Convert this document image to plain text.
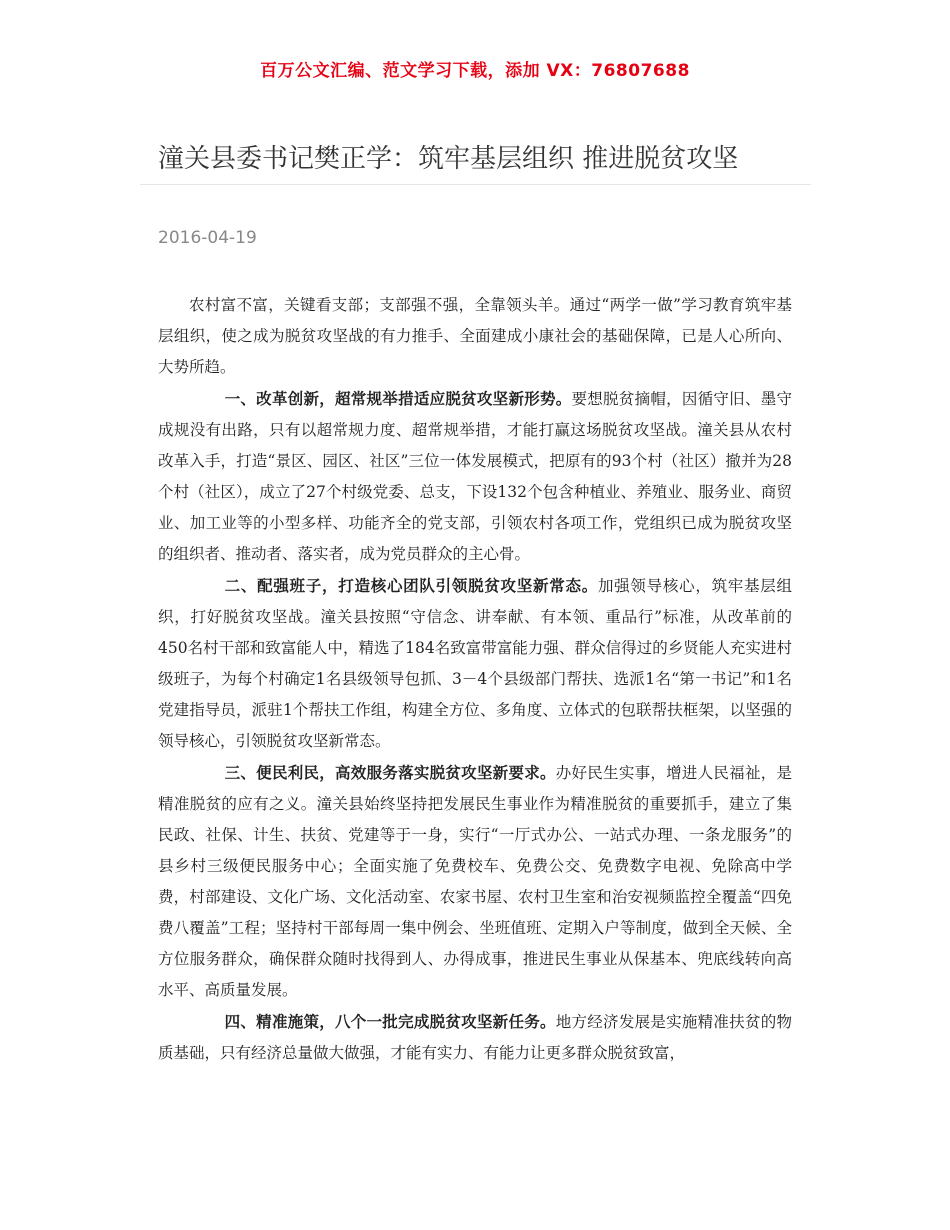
百万公文汇编、范文学习下载，添加 VX：76807688
潼关县委书记樊正学：筑牢基层组织 推进脱贫攻坚
2016-04-19

农村富不富，关键看支部；支部强不强，全靠领头羊。通过“两学一做”学习教育筑牢基层组织，使之成为脱贫攻坚战的有力推手、全面建成小康社会的基础保障，已是人心所向、大势所趋。

一、改革创新，超常规举措适应脱贫攻坚新形势。要想脱贫摘帽，因循守旧、墨守成规没有出路，只有以超常规力度、超常规举措，才能打赢这场脱贫攻坚战。潼关县从农村改革入手，打造“景区、园区、社区”三位一体发展模式，把原有的93个村（社区）撤并为28个村（社区），成立了27个村级党委、总支，下设132个包含种植业、养殖业、服务业、商贸业、加工业等的小型多样、功能齐全的党支部，引领农村各项工作，党组织已成为脱贫攻坚的组织者、推动者、落实者，成为党员群众的主心骨。

二、配强班子，打造核心团队引领脱贫攻坚新常态。加强领导核心，筑牢基层组织，打好脱贫攻坚战。潼关县按照“守信念、讲奉献、有本领、重品行”标准，从改革前的450名村干部和致富能人中，精选了184名致富带富能力强、群众信得过的乡贤能人充实进村级班子，为每个村确定1名县级领导包抓、3－4个县级部门帮扶、选派1名“第一书记”和1名党建指导员，派驻1个帮扶工作组，构建全方位、多角度、立体式的包联帮扶框架，以坚强的领导核心，引领脱贫攻坚新常态。

三、便民利民，高效服务落实脱贫攻坚新要求。办好民生实事，增进人民福祉，是精准脱贫的应有之义。潼关县始终坚持把发展民生事业作为精准脱贫的重要抓手，建立了集民政、社保、计生、扶贫、党建等于一身，实行“一厅式办公、一站式办理、一条龙服务”的县乡村三级便民服务中心；全面实施了免费校车、免费公交、免费数字电视、免除高中学费，村部建设、文化广场、文化活动室、农家书屋、农村卫生室和治安视频监控全覆盖“四免费八覆盖”工程；坚持村干部每周一集中例会、坐班值班、定期入户等制度，做到全天候、全方位服务群众，确保群众随时找得到人、办得成事，推进民生事业从保基本、兜底线转向高水平、高质量发展。

四、精准施策，八个一批完成脱贫攻坚新任务。地方经济发展是实施精准扶贫的物质基础，只有经济总量做大做强，才能有实力、有能力让更多群众脱贫致富，
